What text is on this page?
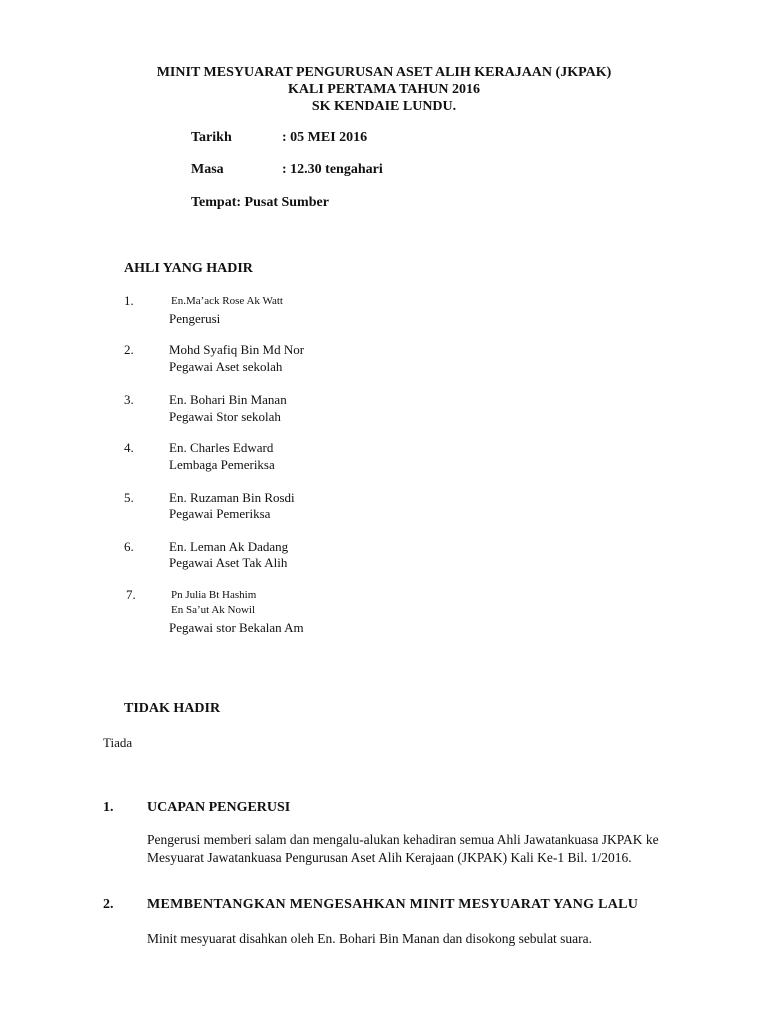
MINIT MESYUARAT PENGURUSAN ASET ALIH KERAJAAN (JKPAK)
KALI PERTAMA TAHUN 2016
SK KENDAIE LUNDU.
Tarikh	: 05 MEI 2016
Masa	: 12.30 tengahari
Tempat: Pusat Sumber
AHLI YANG HADIR
1.	En.Ma’ack Rose Ak Watt
Pengerusi
2.	Mohd Syafiq Bin Md Nor
Pegawai Aset sekolah
3.	En. Bohari Bin Manan
Pegawai Stor sekolah
4.	En. Charles Edward
Lembaga Pemeriksa
5.	En. Ruzaman Bin Rosdi
Pegawai Pemeriksa
6.	En. Leman Ak Dadang
Pegawai Aset Tak Alih
7.	Pn Julia Bt Hashim
En Sa’ut Ak Nowil
Pegawai stor Bekalan Am
TIDAK HADIR
Tiada
1. UCAPAN PENGERUSI
Pengerusi memberi salam dan mengalu-alukan kehadiran semua Ahli Jawatankuasa JKPAK ke Mesyuarat Jawatankuasa Pengurusan Aset Alih Kerajaan (JKPAK) Kali Ke-1 Bil. 1/2016.
2. MEMBENTANGKAN MENGESAHKAN MINIT MESYUARAT YANG LALU
Minit mesyuarat disahkan oleh En. Bohari Bin Manan dan disokong sebulat suara.
